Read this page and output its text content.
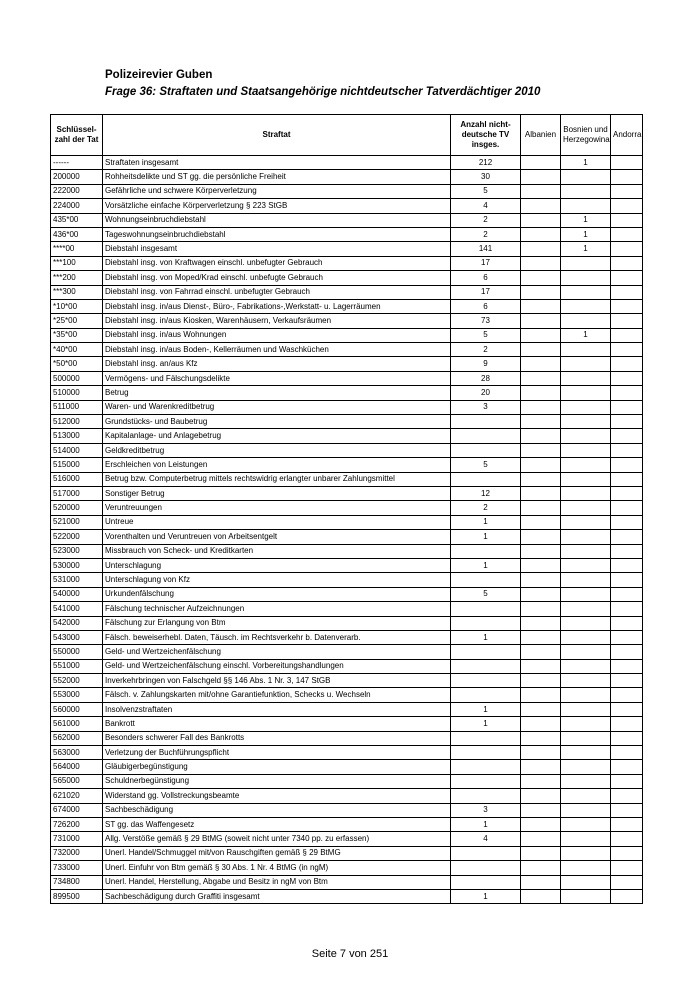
Polizeirevier Guben
Frage 36: Straftaten und Staatsangehörige nichtdeutscher Tatverdächtiger 2010
Schlüssel-zahl der Tat	Straftat	Anzahl nicht-deutsche TV insges.	Albanien	Bosnien und Herzegowina	Andorra
------	Straftaten insgesamt	212		1	
200000	Rohheitsdelikte und ST gg. die persönliche Freiheit	30			
222000	Gefährliche und schwere Körperverletzung	5			
224000	Vorsätzliche einfache Körperverletzung § 223 StGB	4			
435*00	Wohnungseinbruchdiebstahl	2		1	
436*00	Tageswohnungseinbruchdiebstahl	2		1	
****00	Diebstahl insgesamt	141		1	
***100	Diebstahl insg. von Kraftwagen einschl. unbefugter Gebrauch	17			
***200	Diebstahl insg. von Moped/Krad einschl. unbefugte Gebrauch	6			
***300	Diebstahl insg. von Fahrrad einschl. unbefugter Gebrauch	17			
*10*00	Diebstahl insg. in/aus Dienst-, Büro-, Fabrikations-,Werkstatt- u. Lagerräumen	6			
*25*00	Diebstahl insg. in/aus Kiosken, Warenhäusern, Verkaufsräumen	73			
*35*00	Diebstahl insg. in/aus Wohnungen	5		1	
*40*00	Diebstahl insg. in/aus Boden-, Kellerräumen und Waschküchen	2			
*50*00	Diebstahl insg. an/aus Kfz	9			
500000	Vermögens- und Fälschungsdelikte	28			
510000	Betrug	20			
511000	Waren- und Warenkreditbetrug	3			
512000	Grundstücks- und Baubetrug				
513000	Kapitalanlage- und Anlagebetrug				
514000	Geldkreditbetrug				
515000	Erschleichen von Leistungen	5			
516000	Betrug bzw. Computerbetrug mittels rechtswidrig erlangter unbarer Zahlungsmittel				
517000	Sonstiger Betrug	12			
520000	Veruntreuungen	2			
521000	Untreue	1			
522000	Vorenthalten und Veruntreuen von Arbeitsentgelt	1			
523000	Missbrauch von Scheck- und Kreditkarten				
530000	Unterschlagung	1			
531000	Unterschlagung von Kfz				
540000	Urkundenfälschung	5			
541000	Fälschung technischer Aufzeichnungen				
542000	Fälschung zur Erlangung von Btm				
543000	Fälsch. beweiserhebl. Daten, Täusch. im Rechtsverkehr b. Datenverarb.	1			
550000	Geld- und Wertzeichenfälschung				
551000	Geld- und Wertzeichenfälschung einschl. Vorbereitungshandlungen				
552000	Inverkehrbringen von Falschgeld §§ 146 Abs. 1 Nr. 3, 147 StGB				
553000	Fälsch. v. Zahlungskarten mit/ohne Garantiefunktion, Schecks u. Wechseln				
560000	Insolvenzstraftaten	1			
561000	Bankrott	1			
562000	Besonders schwerer Fall des Bankrotts				
563000	Verletzung der Buchführungspflicht				
564000	Gläubigerbegünstigung				
565000	Schuldnerbegünstigung				
621020	Widerstand gg. Vollstreckungsbeamte				
674000	Sachbeschädigung	3			
726200	ST gg. das Waffengesetz	1			
731000	Allg. Verstöße gemäß § 29 BtMG (soweit nicht unter 7340 pp. zu erfassen)	4			
732000	Unerl. Handel/Schmuggel mit/von Rauschgiften gemäß § 29 BtMG				
733000	Unerl. Einfuhr von Btm gemäß § 30 Abs. 1 Nr. 4 BtMG (in ngM)				
734800	Unerl. Handel, Herstellung, Abgabe und Besitz in ngM von Btm				
899500	Sachbeschädigung durch Graffiti insgesamt	1			
Seite 7 von 251
